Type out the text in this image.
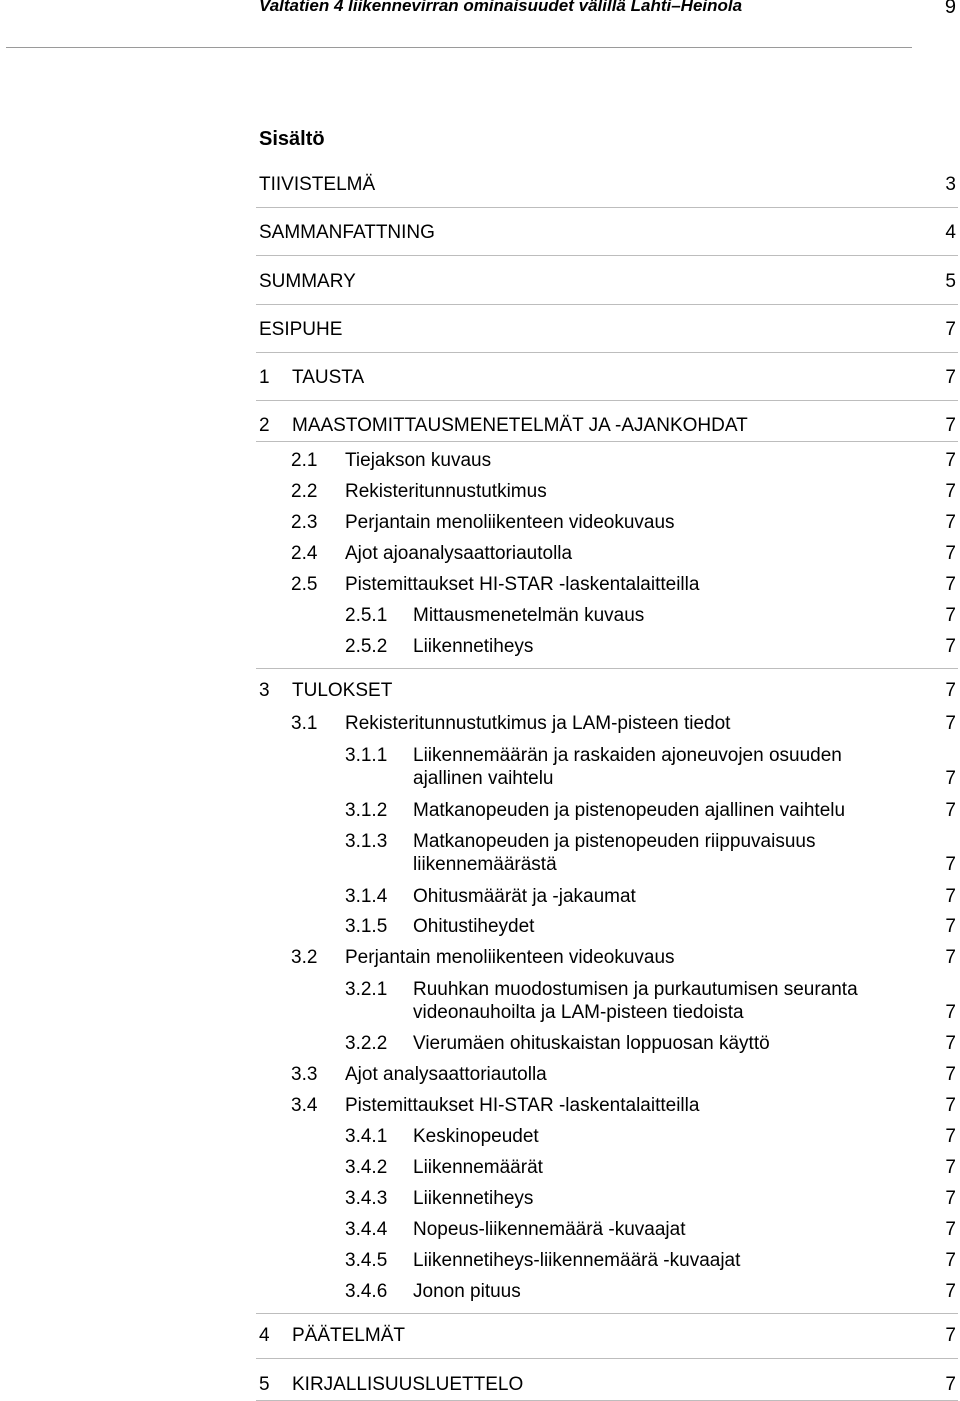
Valtatien 4 liikennevirran ominaisuudet välillä Lahti–Heinola	9
Sisältö
TIIVISTELMÄ	3
SAMMANFATTNING	4
SUMMARY	5
ESIPUHE	7
1 TAUSTA	7
2 MAASTOMITTAUSMENETELMÄT JA -AJANKOHDAT	7
2.1 Tiejakson kuvaus	7
2.2 Rekisteritunnustutkimus	7
2.3 Perjantain menoliikenteen videokuvaus	7
2.4 Ajot ajoanalysaattoriautolla	7
2.5 Pistemittaukset HI-STAR -laskentalaitteilla	7
2.5.1 Mittausmenetelmän kuvaus	7
2.5.2 Liikennetiheys	7
3 TULOKSET	7
3.1 Rekisteritunnustutkimus ja LAM-pisteen tiedot	7
3.1.1 Liikennemäärän ja raskaiden ajoneuvojen osuuden ajallinen vaihtelu	7
3.1.2 Matkanopeuden ja pistenopeuden ajallinen vaihtelu	7
3.1.3 Matkanopeuden ja pistenopeuden riippuvaisuus liikennemäärästä	7
3.1.4 Ohitusmäärät ja -jakaumat	7
3.1.5 Ohitustiheydet	7
3.2 Perjantain menoliikenteen videokuvaus	7
3.2.1 Ruuhkan muodostumisen ja purkautumisen seuranta videonauhoilta ja LAM-pisteen tiedoista	7
3.2.2 Vierumäen ohituskaistan loppuosan käyttö	7
3.3 Ajot analysaattoriautolla	7
3.4 Pistemittaukset HI-STAR -laskentalaitteilla	7
3.4.1 Keskinopeudet	7
3.4.2 Liikennemäärät	7
3.4.3 Liikennetiheys	7
3.4.4 Nopeus-liikennemäärä -kuvaajat	7
3.4.5 Liikennetiheys-liikennemäärä -kuvaajat	7
3.4.6 Jonon pituus	7
4 PÄÄTELMÄT	7
5 KIRJALLISUUSLUETTELO	7
